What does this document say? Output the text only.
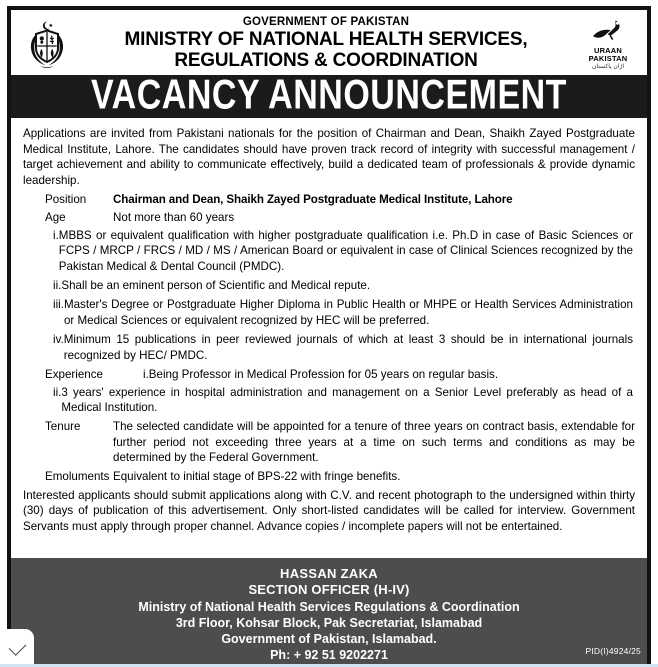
GOVERNMENT OF PAKISTAN
MINISTRY OF NATIONAL HEALTH SERVICES,
REGULATIONS & COORDINATION	URAAN
PAKISTAN
اڑان پاکستان
VACANCY ANNOUNCEMENT

Applications are invited from Pakistani nationals for the position of Chairman and Dean, Shaikh Zayed Postgraduate Medical Institute, Lahore. The candidates should have proven track record of integrity with successful management / target achievement and ability to communicate effectively, build a dedicated team of professionals & provide dynamic leadership.

Position	Chairman and Dean, Shaikh Zayed Postgraduate Medical Institute, Lahore
Age	Not more than 60 years
i. MBBS or equivalent qualification with higher postgraduate qualification i.e. Ph.D in case of Basic Sciences or FCPS / MRCP / FRCS / MD / MS / American Board or equivalent in case of Clinical Sciences recognized by the Pakistan Medical & Dental Council (PMDC).
ii. Shall be an eminent person of Scientific and Medical repute.
iii. Master's Degree or Postgraduate Higher Diploma in Public Health or MHPE or Health Services Administration or Medical Sciences or equivalent recognized by HEC will be preferred.
iv. Minimum 15 publications in peer reviewed journals of which at least 3 should be in international journals recognized by HEC/ PMDC.
Experience	i. Being Professor in Medical Profession for 05 years on regular basis.
ii. 3 years' experience in hospital administration and management on a Senior Level preferably as head of a Medical Institution.
Tenure	The selected candidate will be appointed for a tenure of three years on contract basis, extendable for further period not exceeding three years at a time on such terms and conditions as may be determined by the Federal Government.
Emoluments Equivalent to initial stage of BPS-22 with fringe benefits.

Interested applicants should submit applications along with C.V. and recent photograph to the undersigned within thirty (30) days of publication of this advertisement. Only short-listed candidates will be called for interview. Government Servants must apply through proper channel. Advance copies / incomplete papers will not be entertained.

HASSAN ZAKA
SECTION OFFICER (H-IV)
Ministry of National Health Services Regulations & Coordination
3rd Floor, Kohsar Block, Pak Secretariat, Islamabad
Government of Pakistan, Islamabad.
Ph: + 92 51 9202271	PID(I)4924/25
